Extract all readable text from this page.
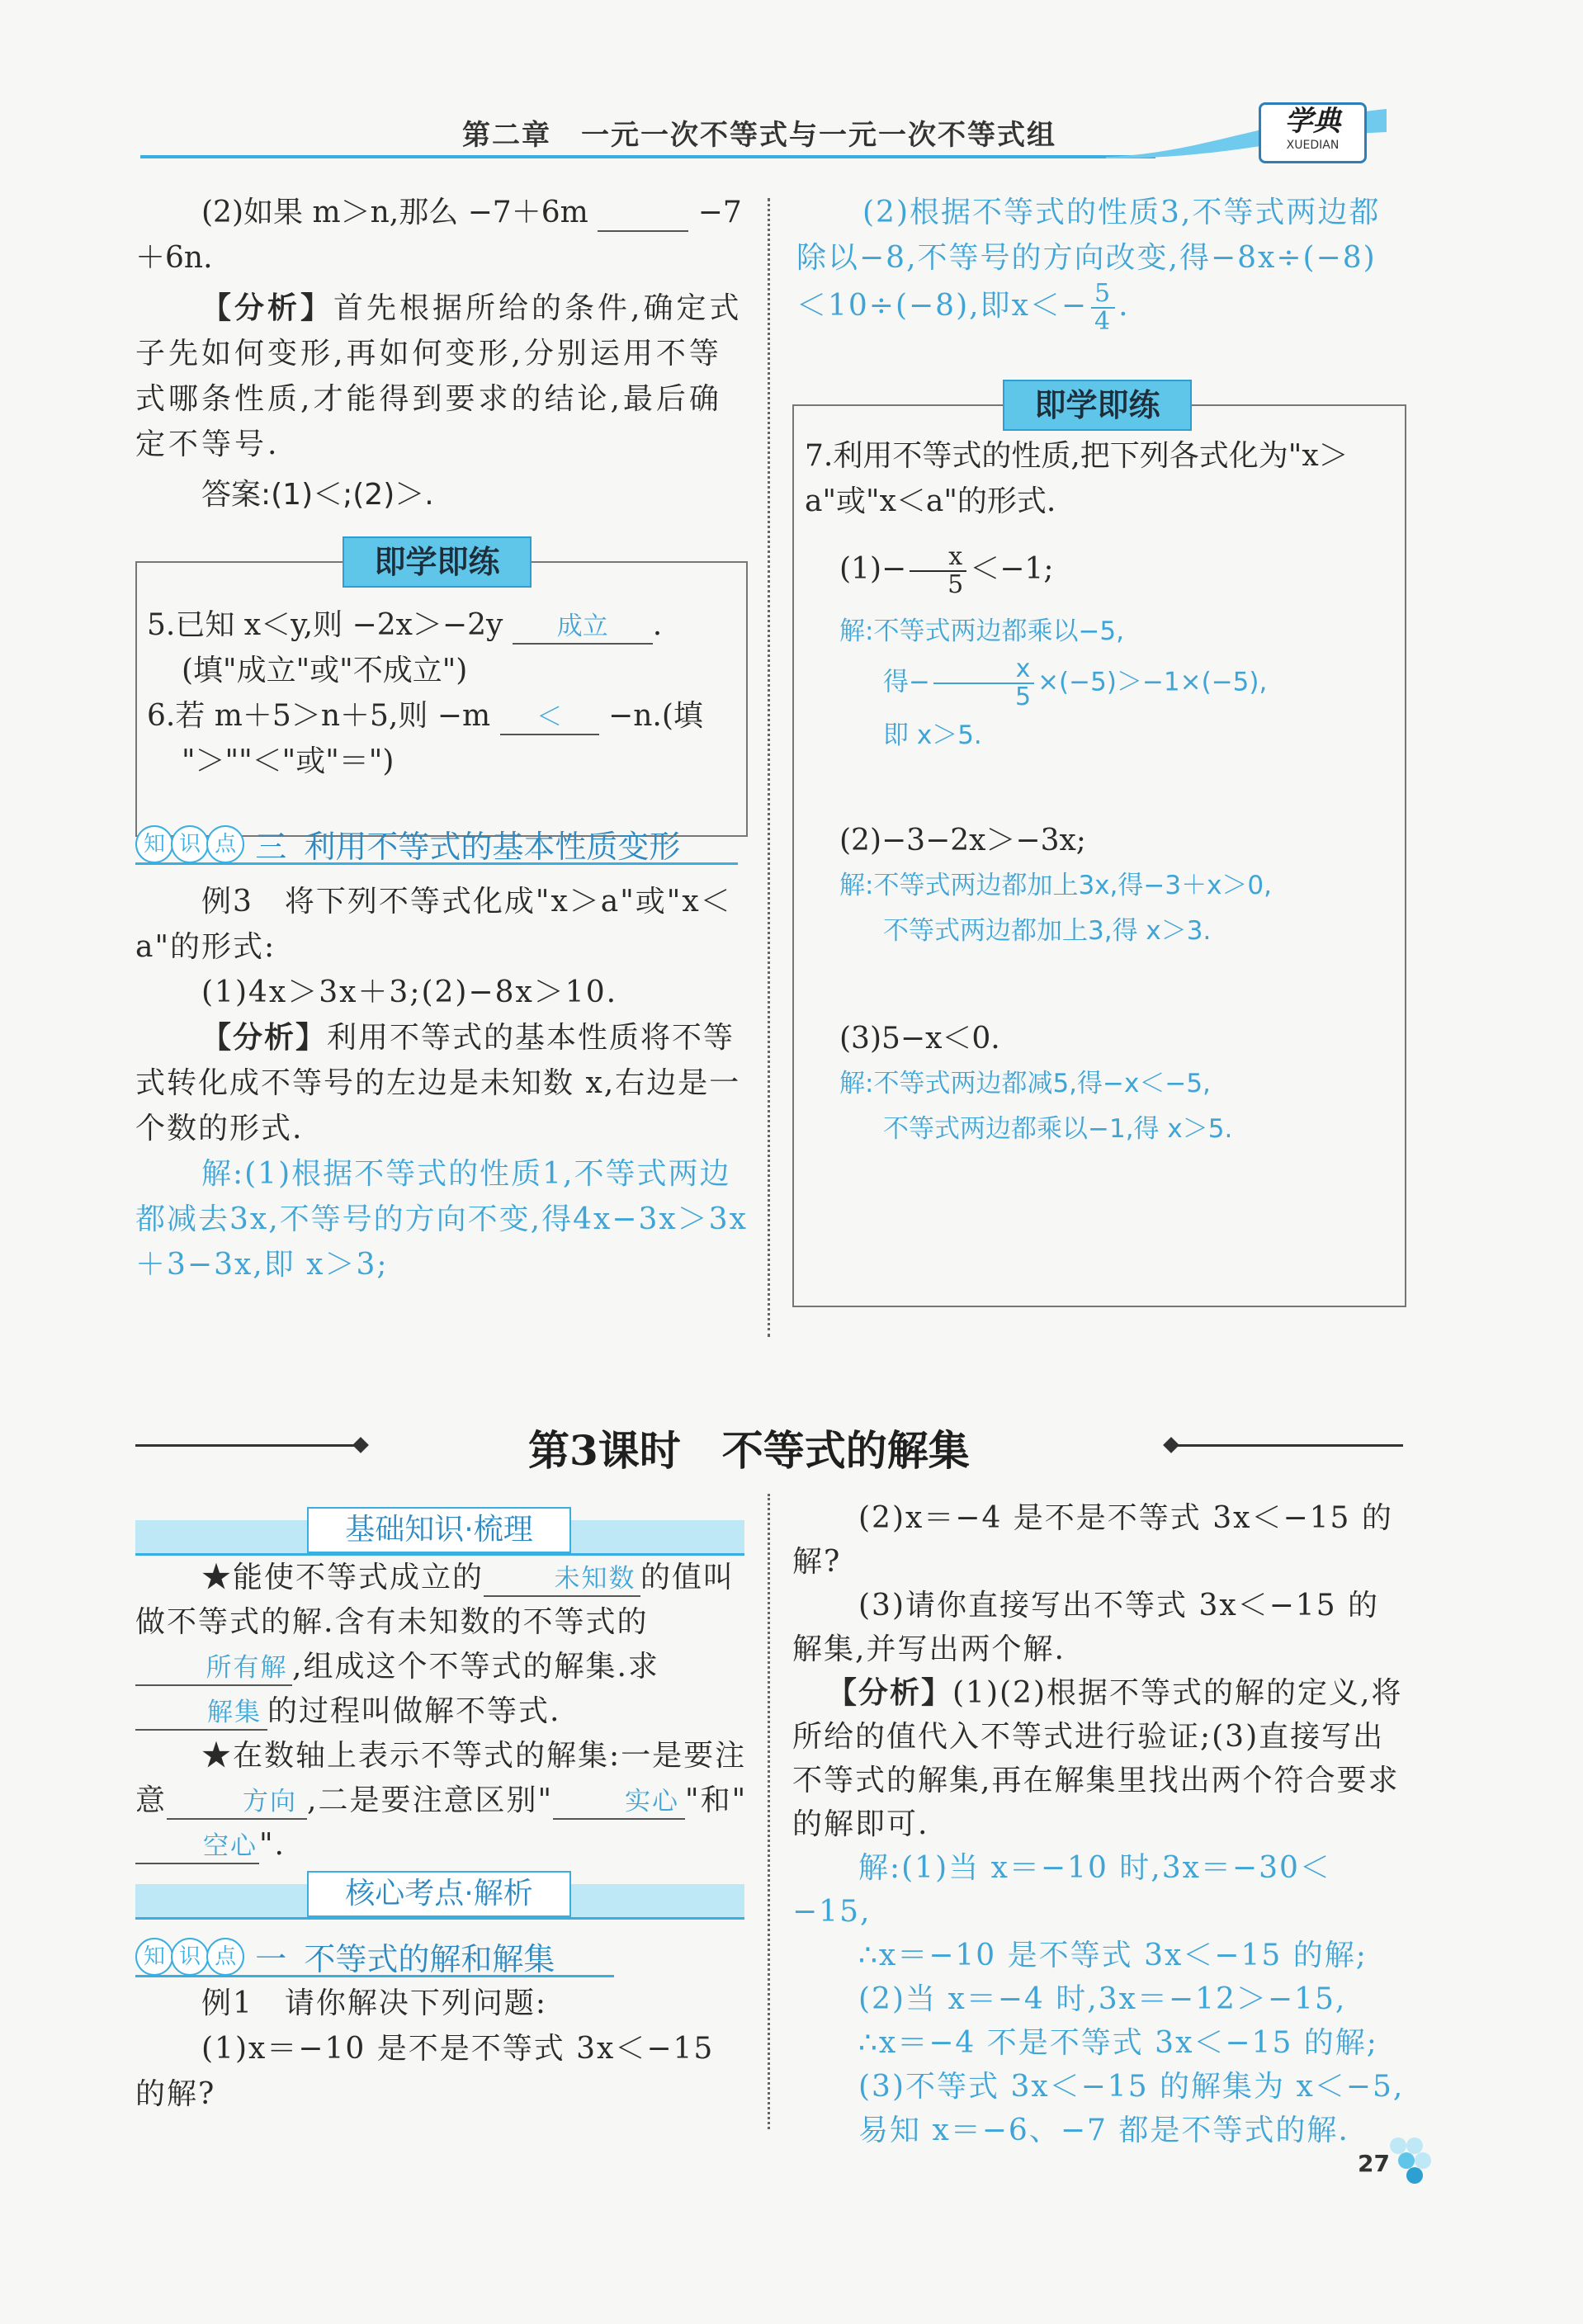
第二章　一元一次不等式与一元一次不等式组	学典
XUEDIAN

(2)如果 m＞n,那么 −7＋6m	−7

＋6n.

【分析】首先根据所给的条件,确定式子先如何变形,再如何变形,分别运用不等式哪条性质,才能得到要求的结论,最后确定不等号.

答案:(1)＜;(2)＞.

即学即练

5.已知 x＜y,则 −2x＞−2y 成立 .

(填"成立"或"不成立")

6.若 m＋5＞n＋5,则 −m ＜ −n.(填

"＞""＜"或"＝")

知 识 点 三 利用不等式的基本性质变形

例3　将下列不等式化成"x＞a"或"x＜a"的形式:

(1)4x＞3x＋3;(2)−8x＞10.

【分析】利用不等式的基本性质将不等式转化成不等号的左边是未知数 x,右边是一个数的形式.

解:(1)根据不等式的性质1,不等式两边都减去3x,不等号的方向不变,得4x−3x＞3x＋3−3x,即 x＞3;

(2)根据不等式的性质3,不等式两边都除以−8,不等号的方向改变,得−8x÷(−8)

＜10÷(−8),即$x<- \frac{5}{4}$ .

即学即练

7.利用不等式的性质,把下列各式化为"x＞a"或"x＜a"的形式.

$(1)- \frac{x}{5} <-1$;

解:不等式两边都乘以−5,

得− $\frac{x}{5} \times(-5)>-1\times(-5)$,

即 x＞5.

(2)−3−2x＞−3x;

解:不等式两边都加上3x,得−3＋x＞0,

不等式两边都加上3,得 x＞3.

(3)5−x＜0.

解:不等式两边都减5,得−x＜−5,

不等式两边都乘以−1,得 x＞5.

第3课时　不等式的解集
基础知识·梳理

★能使不等式成立的	未知数 的值叫做不等式的解.含有未知数的不等式的所有解 ,组成这个不等式的解集.求解集 的过程叫做解不等式.

★在数轴上表示不等式的解集:一是要注意	方向 ,二是要注意区别"	实心 "和"空心".

核心考点·解析
知 识 点 一 不等式的解和解集

例1　请你解决下列问题:

(1)x＝−10 是不是不等式 3x＜−15 的解?

(2)x＝−4 是不是不等式 3x＜−15 的解?

(3)请你直接写出不等式 3x＜−15 的解集,并写出两个解.

【分析】(1)(2)根据不等式的解的定义,将所给的值代入不等式进行验证;(3)直接写出不等式的解集,再在解集里找出两个符合要求的解即可.

解:(1)当 x＝−10 时,3x＝−30＜−15,

∴x＝−10 是不等式 3x＜−15 的解;

(2)当 x＝−4 时,3x＝−12＞−15,

∴x＝−4 不是不等式 3x＜−15 的解;

(3)不等式 3x＜−15 的解集为 x＜−5,

易知 x＝−6、−7 都是不等式的解.

27
